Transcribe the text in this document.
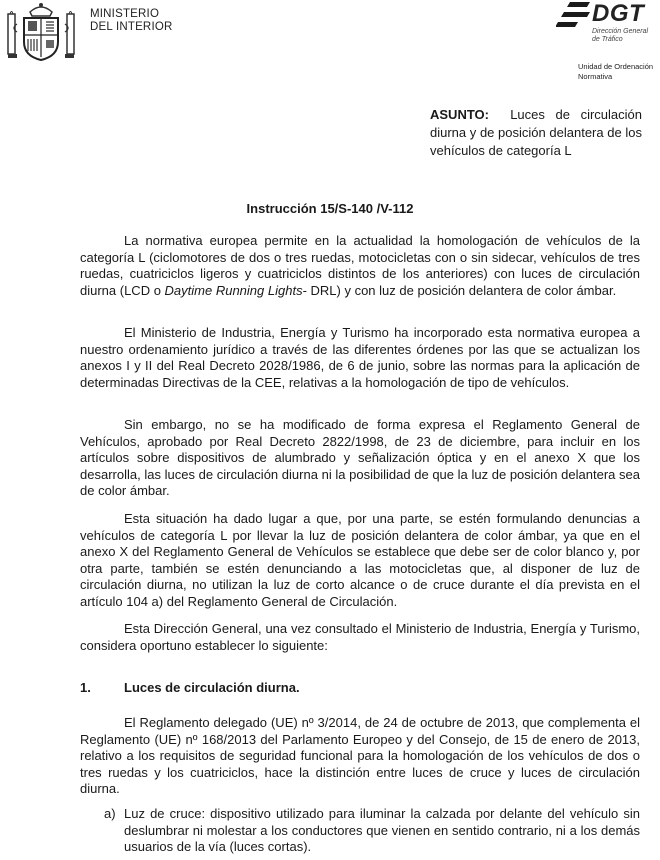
MINISTERIO
DEL INTERIOR	DGT
Dirección General
de Tráfico
Unidad de Ordenación
Normativa
ASUNTO: Luces de circulación diurna y de posición delantera de los vehículos de categoría L
Instrucción 15/S-140 /V-112
La normativa europea permite en la actualidad la homologación de vehículos de la categoría L (ciclomotores de dos o tres ruedas, motocicletas con o sin sidecar, vehículos de tres ruedas, cuatriciclos ligeros y cuatriciclos distintos de los anteriores) con luces de circulación diurna (LCD o Daytime Running Lights- DRL) y con luz de posición delantera de color ámbar.
El Ministerio de Industria, Energía y Turismo ha incorporado esta normativa europea a nuestro ordenamiento jurídico a través de las diferentes órdenes por las que se actualizan los anexos I y II del Real Decreto 2028/1986, de 6 de junio, sobre las normas para la aplicación de determinadas Directivas de la CEE, relativas a la homologación de tipo de vehículos.
Sin embargo, no se ha modificado de forma expresa el Reglamento General de Vehículos, aprobado por Real Decreto 2822/1998, de 23 de diciembre, para incluir en los artículos sobre dispositivos de alumbrado y señalización óptica y en el anexo X que los desarrolla, las luces de circulación diurna ni la posibilidad de que la luz de posición delantera sea de color ámbar.
Esta situación ha dado lugar a que, por una parte, se estén formulando denuncias a vehículos de categoría L por llevar la luz de posición delantera de color ámbar, ya que en el anexo X del Reglamento General de Vehículos se establece que debe ser de color blanco y, por otra parte, también se estén denunciando a las motocicletas que, al disponer de luz de circulación diurna, no utilizan la luz de corto alcance o de cruce durante el día prevista en el artículo 104 a) del Reglamento General de Circulación.
Esta Dirección General, una vez consultado el Ministerio de Industria, Energía y Turismo, considera oportuno establecer lo siguiente:
1.	Luces de circulación diurna.
El Reglamento delegado (UE) nº 3/2014, de 24 de octubre de 2013, que complementa el Reglamento (UE) nº 168/2013 del Parlamento Europeo y del Consejo, de 15 de enero de 2013, relativo a los requisitos de seguridad funcional para la homologación de los vehículos de dos o tres ruedas y los cuatriciclos, hace la distinción entre luces de cruce y luces de circulación diurna.
a) Luz de cruce: dispositivo utilizado para iluminar la calzada por delante del vehículo sin deslumbrar ni molestar a los conductores que vienen en sentido contrario, ni a los demás usuarios de la vía (luces cortas).
